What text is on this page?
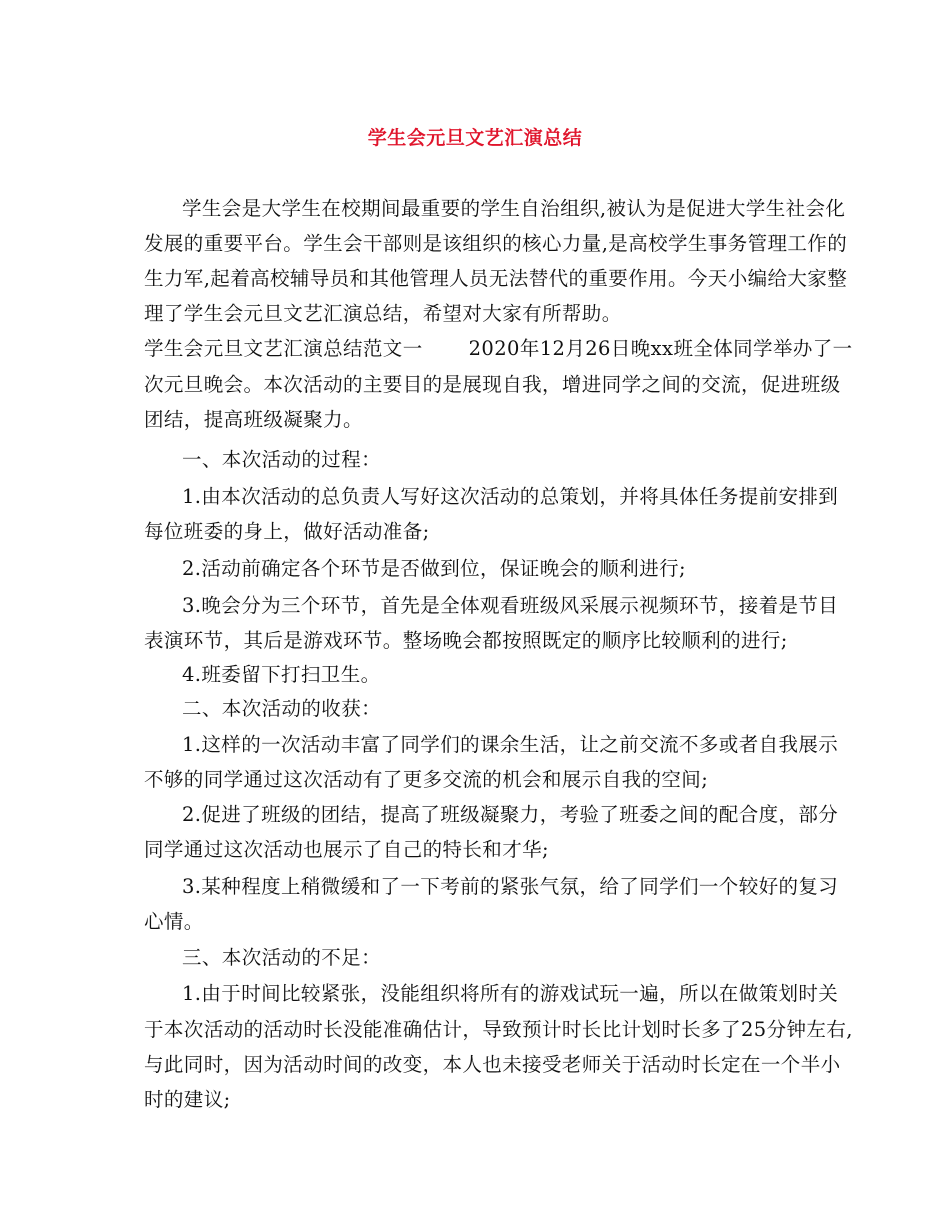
学生会元旦文艺汇演总结
学生会是大学生在校期间最重要的学生自治组织,被认为是促进大学生社会化
发展的重要平台。学生会干部则是该组织的核心力量,是高校学生事务管理工作的
生力军,起着高校辅导员和其他管理人员无法替代的重要作用。今天小编给大家整
理了学生会元旦文艺汇演总结，希望对大家有所帮助。
学生会元旦文艺汇演总结范文一 2020年12月26日晚xx班全体同学举办了一
次元旦晚会。本次活动的主要目的是展现自我，增进同学之间的交流，促进班级
团结，提高班级凝聚力。
一、本次活动的过程：
1.由本次活动的总负责人写好这次活动的总策划，并将具体任务提前安排到
每位班委的身上，做好活动准备;
2.活动前确定各个环节是否做到位，保证晚会的顺利进行;
3.晚会分为三个环节，首先是全体观看班级风采展示视频环节，接着是节目
表演环节，其后是游戏环节。整场晚会都按照既定的顺序比较顺利的进行;
4.班委留下打扫卫生。
二、本次活动的收获：
1.这样的一次活动丰富了同学们的课余生活，让之前交流不多或者自我展示
不够的同学通过这次活动有了更多交流的机会和展示自我的空间;
2.促进了班级的团结，提高了班级凝聚力，考验了班委之间的配合度，部分
同学通过这次活动也展示了自己的特长和才华;
3.某种程度上稍微缓和了一下考前的紧张气氛，给了同学们一个较好的复习
心情。
三、本次活动的不足：
1.由于时间比较紧张，没能组织将所有的游戏试玩一遍，所以在做策划时关
于本次活动的活动时长没能准确估计，导致预计时长比计划时长多了25分钟左右,
与此同时，因为活动时间的改变，本人也未接受老师关于活动时长定在一个半小
时的建议;
